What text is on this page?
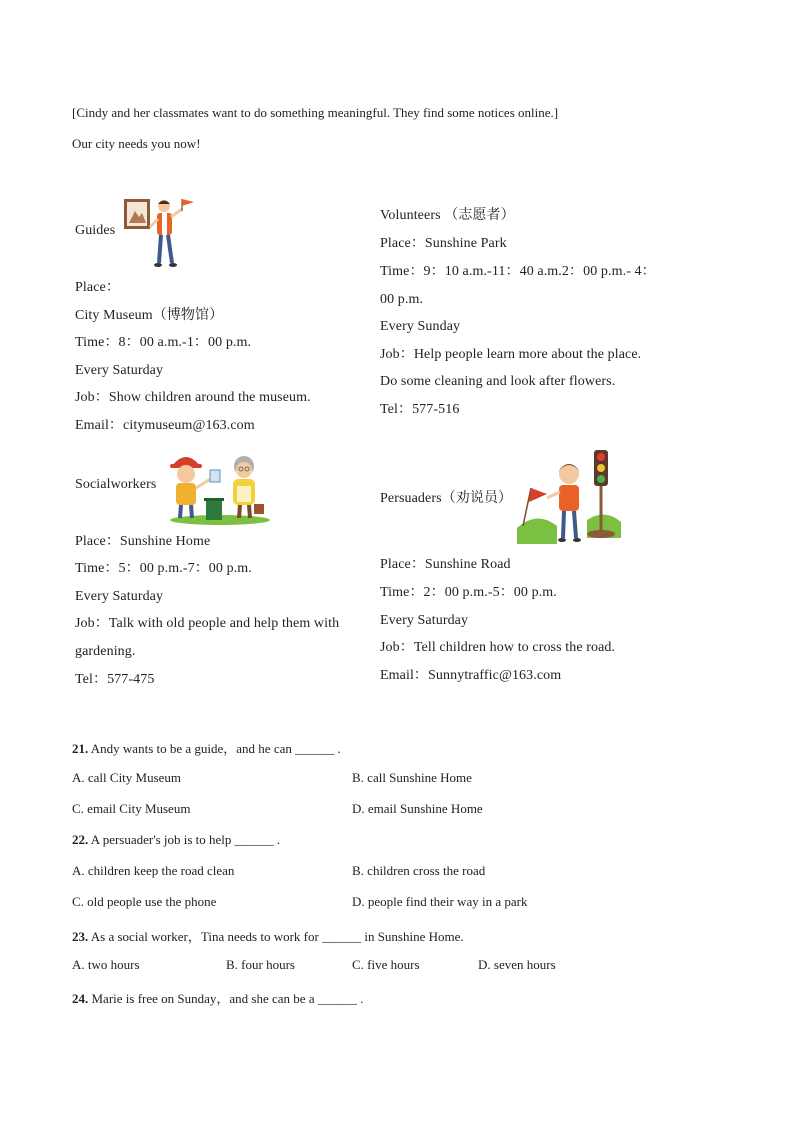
[Cindy and her classmates want to do something meaningful. They find some notices online.]
Our city needs you now!
Guides
Place：
City Museum（博物馆）
Time：8：00 a.m.-1：00 p.m.
Every Saturday
Job：Show children around the museum.
Email：citymuseum@163.com
Volunteers （志愿者）
Place：Sunshine Park
Time：9：10 a.m.-11：40 a.m.2：00 p.m.- 4：
00 p.m.
Every Sunday
Job：Help people learn more about the place.
Do some cleaning and look after flowers.
Tel：577-516
Socialworkers
Place：Sunshine Home
Time：5：00 p.m.-7：00 p.m.
Every Saturday
Job：Talk with old people and help them with
gardening.
Tel：577-475
Persuaders（劝说员）
Place：Sunshine Road
Time：2：00 p.m.-5：00 p.m.
Every Saturday
Job：Tell children how to cross the road.
Email：Sunnytraffic@163.com
21. Andy wants to be a guide，and he can ______ .
A. call City Museum	B. call Sunshine Home
C. email City Museum	D. email Sunshine Home
22. A persuader's job is to help ______ .
A. children keep the road clean	B. children cross the road
C. old people use the phone	D. people find their way in a park
23. As a social worker，Tina needs to work for ______ in Sunshine Home.
A. two hours	B. four hours	C. five hours	D. seven hours
24. Marie is free on Sunday，and she can be a ______ .
